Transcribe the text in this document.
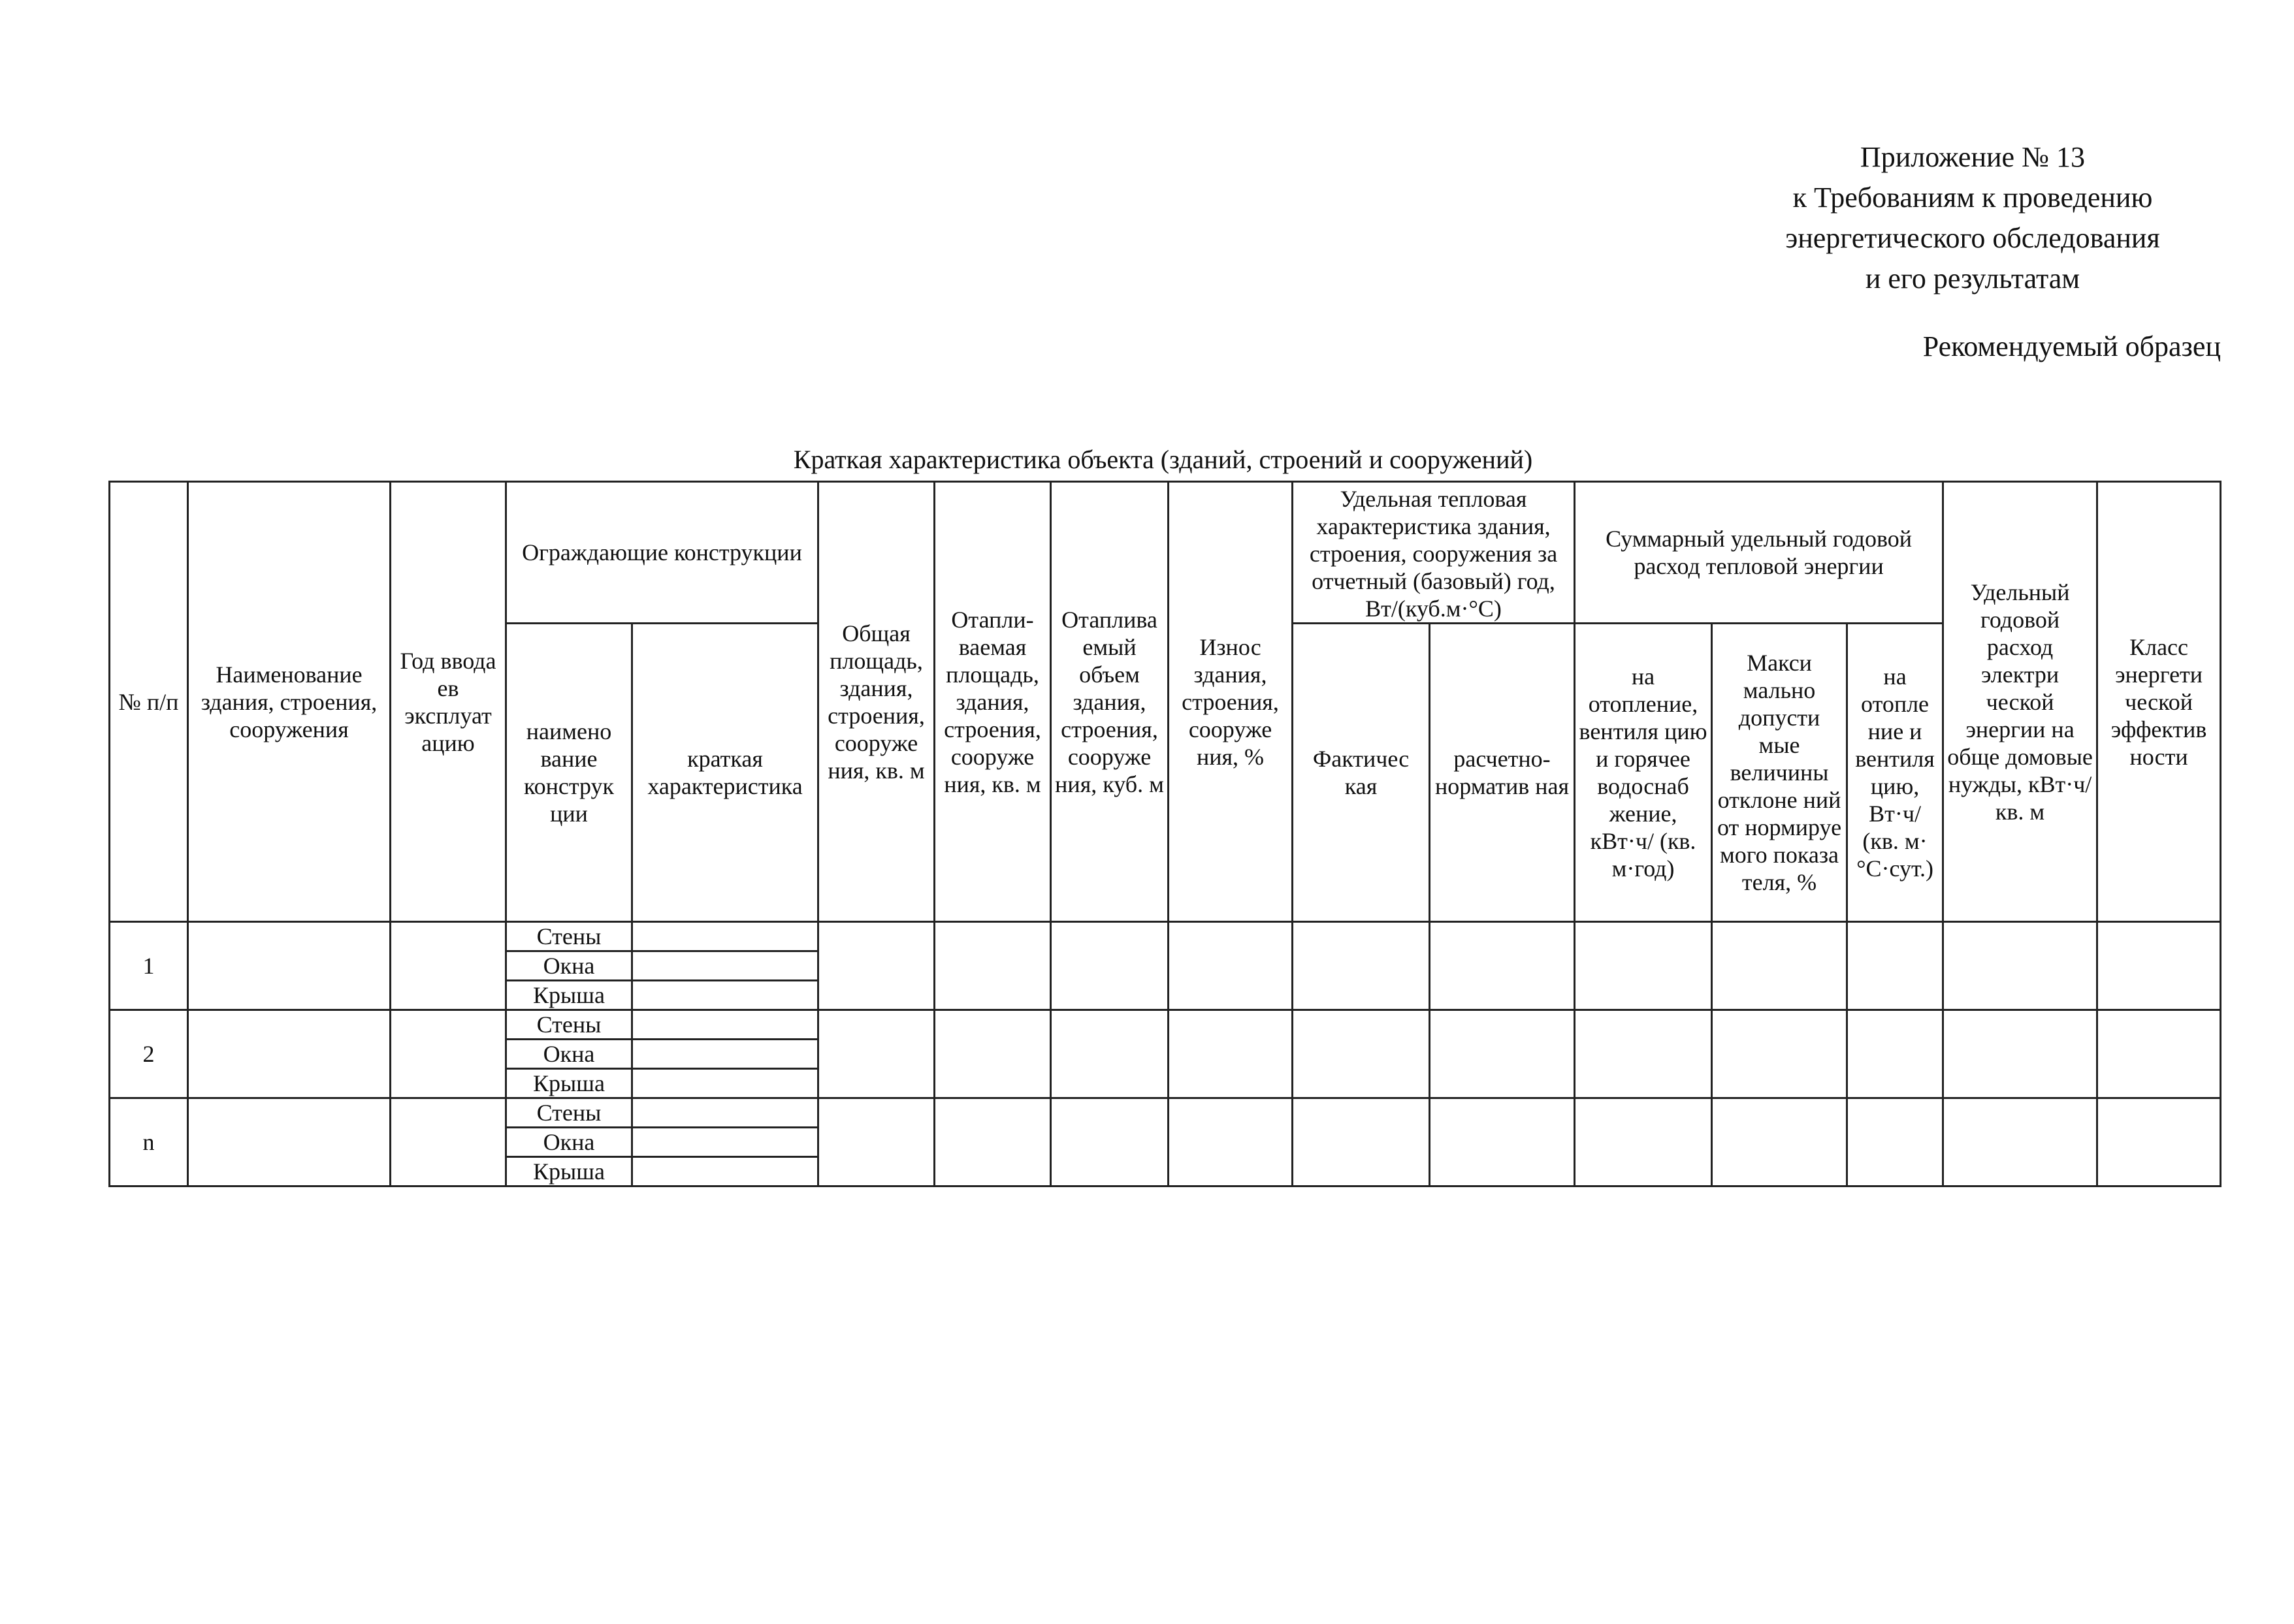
Приложение № 13
к Требованиям к проведению
энергетического обследования
и его результатам
Рекомендуемый образец
Краткая характеристика объекта (зданий, строений и сооружений)
№ п/п	Наименование здания, строения, сооружения	Год ввода ев эксплуат ацию	Ограждающие конструкции		Общая площадь, здания, строения, сооруже ния, кв. м	Отапли- ваемая площадь, здания, строения, сооруже ния, кв. м	Отаплива емый объем здания, строения, сооруже ния, куб. м	Износ здания, строения, сооруже ния, %	Удельная тепловая характеристика здания, строения, сооружения за отчетный (базовый) год, Вт/(куб.м·°С)		Суммарный удельный годовой расход тепловой энергии			Удельный годовой расход электри ческой энергии на обще домовые нужды, кВт·ч/кв. м	Класс энергети ческой эффектив ности
			наимено вание конструк ции	краткая характеристика					Фактичес кая	расчетно- норматив ная	на отопление, вентиля цию и горячее водоснаб жение, кВт·ч/ (кв. м·год)	Макси мально допусти мые величины отклоне ний от нормируе мого показа теля, %	на отопле ние и вентиля цию, Вт·ч/ (кв. м· °С·сут.)		
1			Стены												
			Окна												
			Крыша												
2			Стены												
			Окна												
			Крыша												
n			Стены												
			Окна												
			Крыша												
